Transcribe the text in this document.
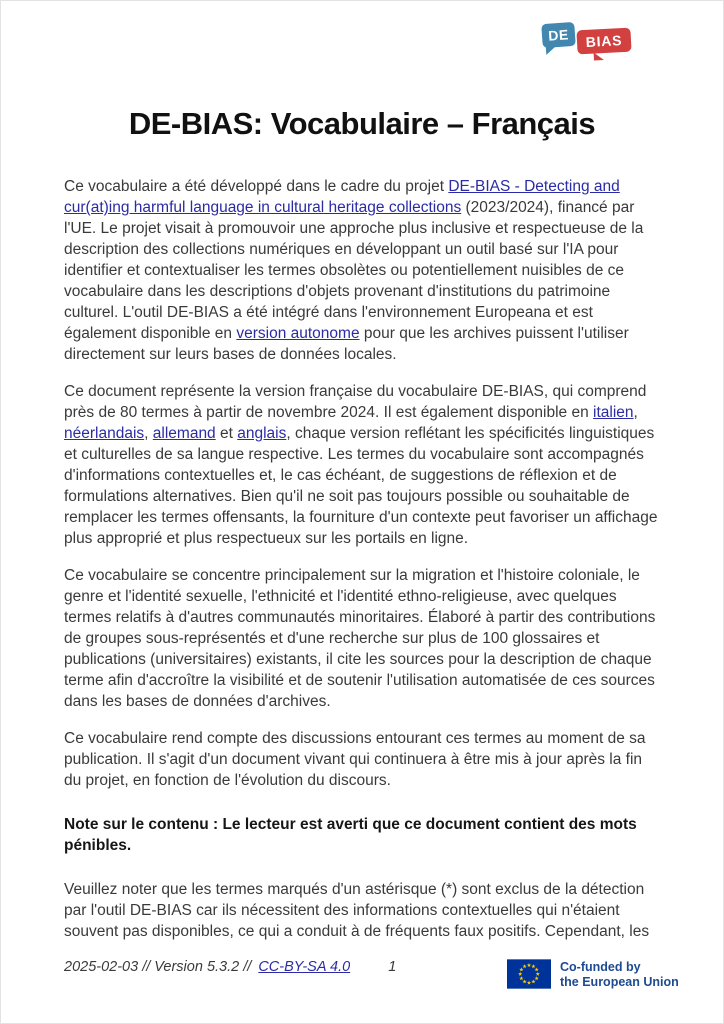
DE BIAS
DE-BIAS: Vocabulaire – Français

Ce vocabulaire a été développé dans le cadre du projet DE-BIAS - Detecting and cur(at)ing harmful language in cultural heritage collections (2023/2024), financé par l'UE. Le projet visait à promouvoir une approche plus inclusive et respectueuse de la description des collections numériques en développant un outil basé sur l'IA pour identifier et contextualiser les termes obsolètes ou potentiellement nuisibles de ce vocabulaire dans les descriptions d'objets provenant d'institutions du patrimoine culturel. L'outil DE-BIAS a été intégré dans l'environnement Europeana et est également disponible en version autonome pour que les archives puissent l'utiliser directement sur leurs bases de données locales.

Ce document représente la version française du vocabulaire DE-BIAS, qui comprend près de 80 termes à partir de novembre 2024. Il est également disponible en italien, néerlandais, allemand et anglais, chaque version reflétant les spécificités linguistiques et culturelles de sa langue respective. Les termes du vocabulaire sont accompagnés d'informations contextuelles et, le cas échéant, de suggestions de réflexion et de formulations alternatives. Bien qu'il ne soit pas toujours possible ou souhaitable de remplacer les termes offensants, la fourniture d'un contexte peut favoriser un affichage plus approprié et plus respectueux sur les portails en ligne.

Ce vocabulaire se concentre principalement sur la migration et l'histoire coloniale, le genre et l'identité sexuelle, l'ethnicité et l'identité ethno-religieuse, avec quelques termes relatifs à d'autres communautés minoritaires. Élaboré à partir des contributions de groupes sous-représentés et d'une recherche sur plus de 100 glossaires et publications (universitaires) existants, il cite les sources pour la description de chaque terme afin d'accroître la visibilité et de soutenir l'utilisation automatisée de ces sources dans les bases de données d'archives.

Ce vocabulaire rend compte des discussions entourant ces termes au moment de sa publication. Il s'agit d'un document vivant qui continuera à être mis à jour après la fin du projet, en fonction de l'évolution du discours.

Note sur le contenu : Le lecteur est averti que ce document contient des mots pénibles.

Veuillez noter que les termes marqués d'un astérisque (*) sont exclus de la détection par l'outil DE-BIAS car ils nécessitent des informations contextuelles qui n'étaient souvent pas disponibles, ce qui a conduit à de fréquents faux positifs. Cependant, les

2025-02-03 // Version 5.3.2 // CC-BY-SA 4.0	1	Co-funded by
the European Union
